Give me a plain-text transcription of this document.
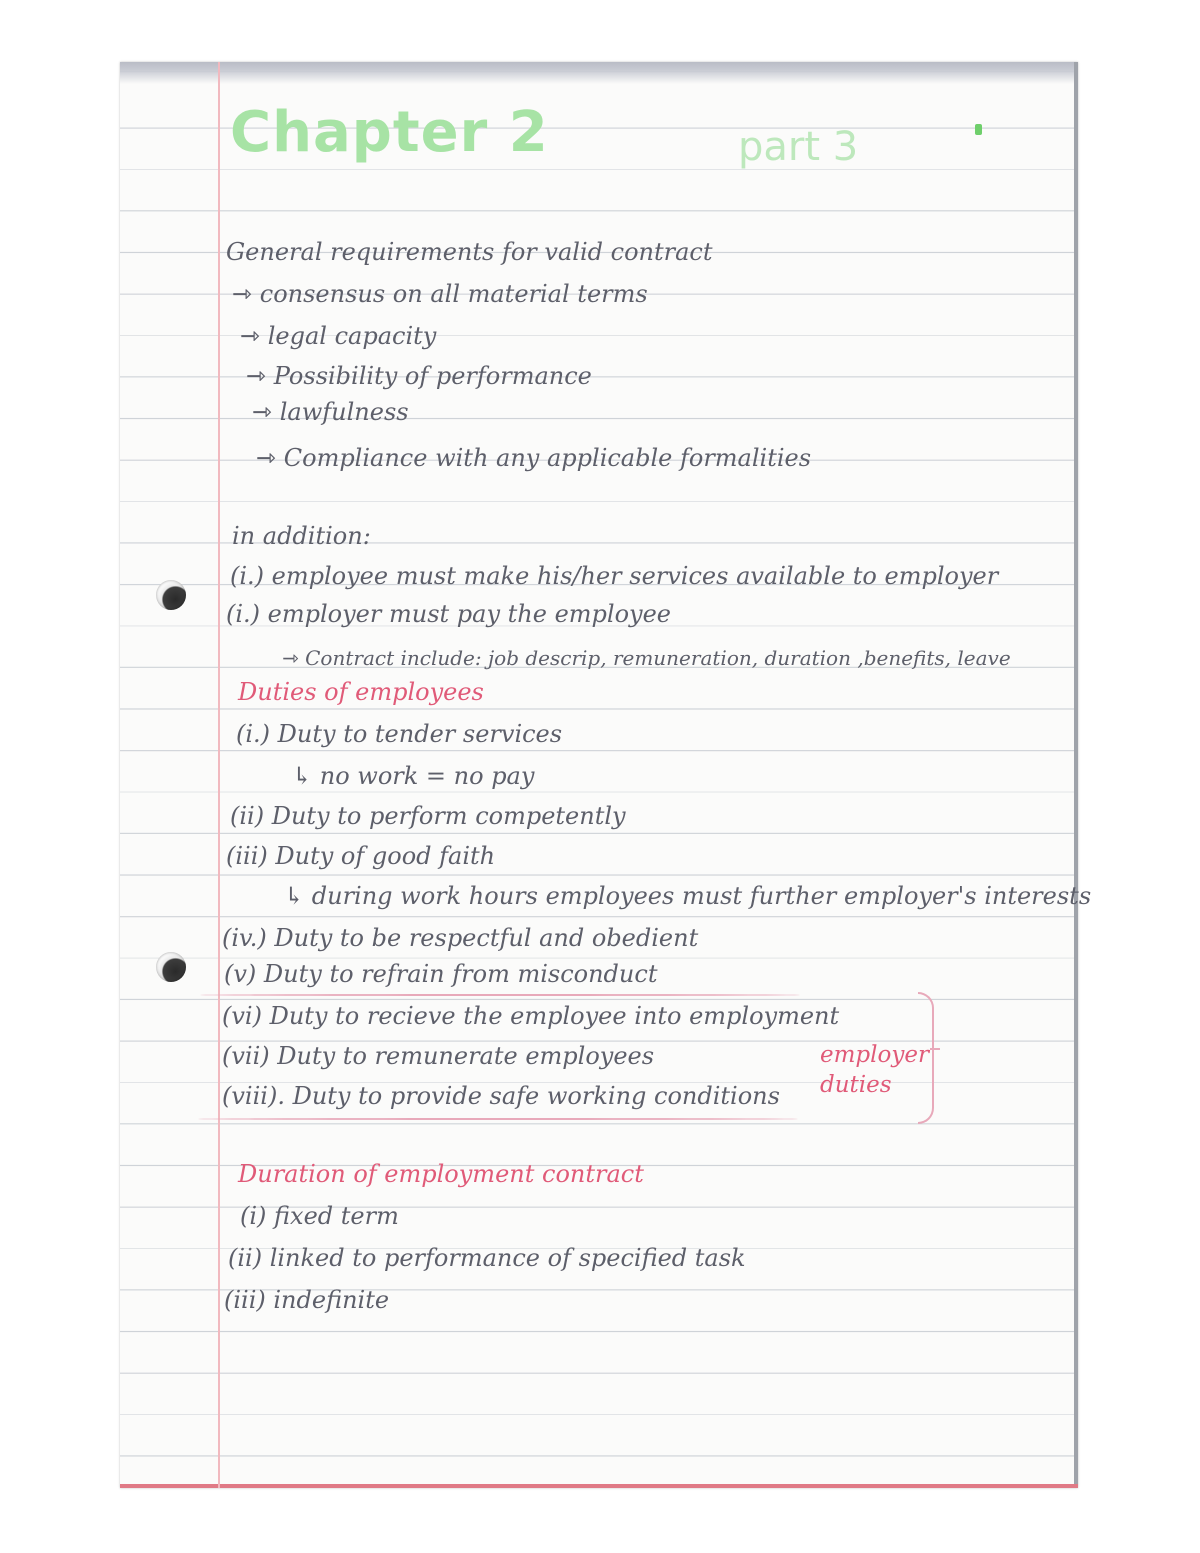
Chapter 2	part 3
General requirements for valid contract
⇾ consensus on all material terms
⇾ legal capacity
⇾ Possibility of performance
⇾ lawfulness
⇾ Compliance with any applicable formalities
in addition:
(i.) employee must make his/her services available to employer
(i.) employer must pay the employee
⇾ Contract include: job descrip, remuneration, duration ,benefits, leave
Duties of employees
(i.) Duty to tender services
↳ no work = no pay
(ii) Duty to perform competently
(iii) Duty of good faith
↳ during work hours employees must further employer's interests
(iv.) Duty to be respectful and obedient
(v) Duty to refrain from misconduct
(vi) Duty to recieve the employee into employment
(vii) Duty to remunerate employees
(viii). Duty to provide safe working conditions
employer duties
Duration of employment contract
(i) fixed term
(ii) linked to performance of specified task
(iii) indefinite
